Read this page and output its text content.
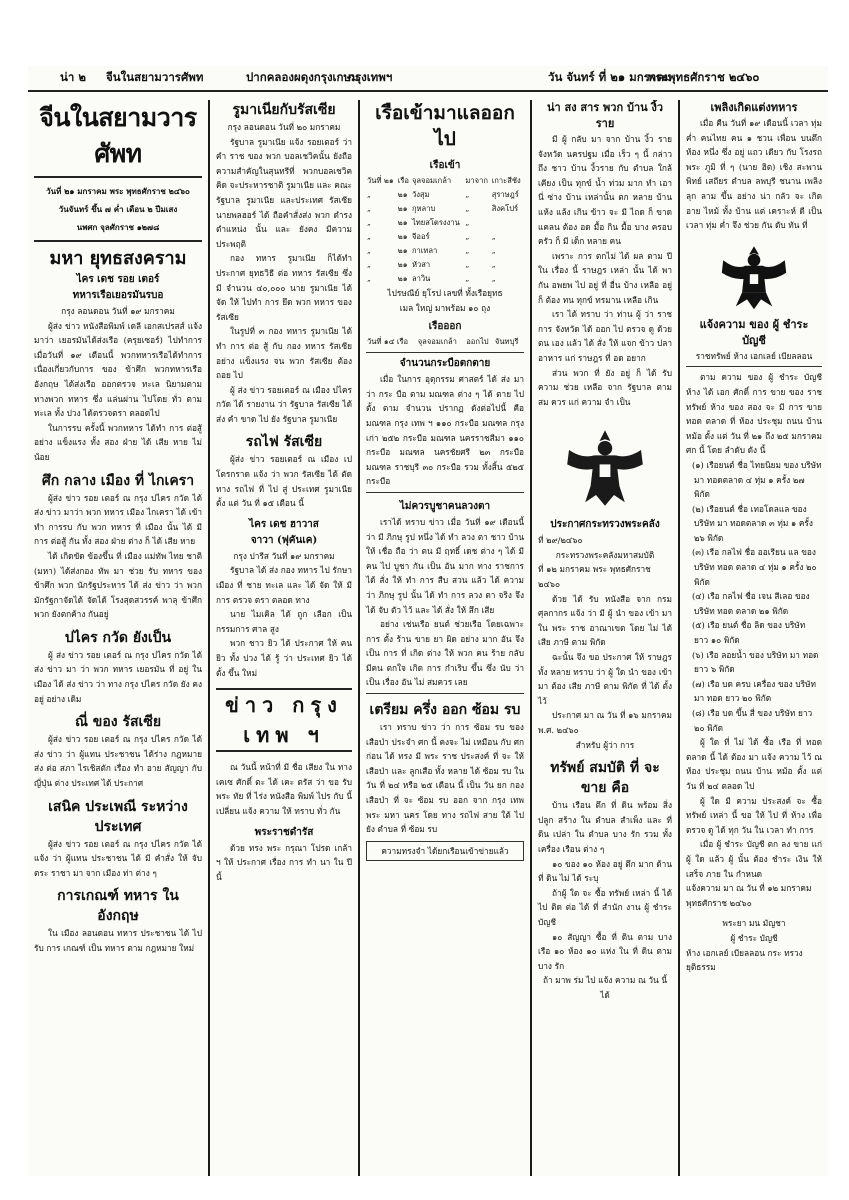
น่า ๒ จีนในสยามวารศัพท	ปากคลองผดุงกรุงเกษม
กรุงเทพฯ	วัน จันทร์ ที่ ๒๑ มกราคม
พระพุทธศักราช ๒๔๖๐
จีนในสยามวารศัพท
วันที่ ๒๑ มกราคม พระ พุทธศักราช ๒๔๖๐
วันจันทร์ ขึ้น ๗ ค่ำ เดือน ๒ ปีมเสง
นพศก จุลศักราช ๑๒๗๘
มหา ยุทธสงคราม
ไคร เดช รอย เตอร์
ทหารเรือเยอรมันรบอ
กรุง ลอนดอน วันที่ ๑๙ มกราคม

ผู้ส่ง ข่าว หนังสือพิมพ์ เดลี เอกสเปรสส์ แจ้ง มาว่า เยอรมันได้ส่งเรือ (ครุยเซอร์) ไปทำการ เมื่อวันที่ ๑๙ เดือนนี้ พวกทหารเรือได้ทำการ เนื่องเกี่ยวกับการ ของ ข้าศึก พวกทหารเรือ อังกฤษ ได้ส่งเรือ ออกตรวจ ทะเล นิยามตามทางพวก ทหาร ซึ่ง แล่นผ่าน ไปโดย ทั่ว ตาม ทะเล ทั้ง ปวง ได้ตรวจตรา ตลอดไป

ในการรบ ครั้งนี้ พวกทหาร ได้ทำ การ ต่อสู้ อย่าง แข็งแรง ทั้ง สอง ฝ่าย ได้ เสีย หาย ไม่ น้อย

ศึก กลาง เมือง ที่ ไกเครา

ผู้ส่ง ข่าว รอย เตอร์ ณ กรุง ปไคร กวัด ได้ส่ง ข่าว มาว่า พวก ทหาร เมือง ไกเครา ได้ เข้า ทำ การรบ กับ พวก ทหาร ที่ เมือง นั้น ได้ มี การ ต่อสู้ กัน ทั้ง สอง ฝ่าย ต่าง ก็ ได้ เสีย หาย

ได้ เกิดขัด ข้องขึ้น ที่ เมือง แม่ทัพ ไทย ชาติ (มหา) ได้ส่งกอง ทัพ มา ช่วย รับ ทหาร ของ ข้าศึก พวก นักรัฐประหาร ได้ ส่ง ข่าว ว่า พวก มักรัฐกาจัดได้ จัดได้ โรงสุดสวรรค์ พาลุ ข้าศึก พวก ยังตกค้าง กันอยู่

ปไคร กวัด ยังเป็น

ผู้ ส่ง ข่าว รอย เตอร์ ณ กรุง ปไคร กวัด ได้ ส่ง ข่าว มา ว่า พวก ทหาร เยอรมัน ที่ อยู่ ใน เมือง ได้ ส่ง ข่าว ว่า ทาง กรุง ปไคร กวัด ยัง คง อยู่ อย่าง เดิม

ณี่ ของ รัสเซีย

ผู้ส่ง ข่าว รอย เตอร์ ณ กรุง ปไคร กวัด ได้ส่ง ข่าว ว่า ผู้แทน ประชาชน ได้ร่าง กฎหมาย ส่ง ต่อ สภา ไรเชิสตัก เรื่อง ทำ อาย สัญญา กับ ญี่ปุ่น ต่าง ประเทศ ได้ ประกาศ

เสนิค ประเพณี ระหว่าง ประเทศ

ผู้ส่ง ข่าว รอย เตอร์ ณ กรุง ปไคร กวัด ได้ แจ้ง ว่า ผู้แทน ประชาชน ได้ มี คำสั่ง ให้ จับ ตระ ราชา มา จาก เมือง ท่า ต่าง ๆ

การเกณฑ์ ทหาร ใน อังกฤษ

ใน เมือง ลอนดอน ทหาร ประชาชน ได้ ไป รับ การ เกณฑ์ เป็น ทหาร ตาม กฎหมาย ใหม่

รูมาเนียกับรัสเซีย
กรุง ลอนดอน วันที่ ๒๐ มกราคม

รัฐบาล รูมาเนีย แจ้ง รอยเตอร์ ว่า คำ ราช ของ พวก บอลเชวิคนั้น ยังถือ ความสำคัญในสุนทรีที่ พวกบอลเชวิคคิด จะประหารชาติ รูมาเนีย และ คณะรัฐบาล รูมาเนีย และประเทศ รัสเซีย นายพลฮอร์ ได้ ถือคำสั่งส่ง พวก ดำรง ตำแหน่ง นั้น และ ยังคง มีความ ประพฤติ

กอง ทหาร รูมาเนีย ก็ได้ทำ ประกาศ ยุทธวิธี ต่อ ทหาร รัสเซีย ซึ่ง มี จำนวน ๔๐,๐๐๐ นาย รูมาเนีย ได้ จัด ให้ ไปทำ การ ยึด พวก ทหาร ของ รัสเซีย

ในรูปที่ ๓ กอง ทหาร รูมาเนีย ได้ ทำ การ ต่อ สู้ กับ กอง ทหาร รัสเซีย อย่าง แข็งแรง จน พวก รัสเซีย ต้อง ถอย ไป

ผู้ ส่ง ข่าว รอยเตอร์ ณ เมือง ปไคร กวัด ได้ รายงาน ว่า รัฐบาล รัสเซีย ได้ ส่ง คำ ขาด ไป ยัง รัฐบาล รูมาเนีย

รถไฟ รัสเซีย

ผู้ส่ง ข่าว รอยเตอร์ ณ เมือง เปโตรกราด แจ้ง ว่า พวก รัสเซีย ได้ ตัด ทาง รถไฟ ที่ ไป สู่ ประเทศ รูมาเนีย ตั้ง แต่ วัน ที่ ๑๕ เดือน นี้

ไคร เดช ฮาวาส
จาวา (ฟุคันเค)
กรุง ปารีส วันที่ ๑๙ มกราคม

รัฐบาล ได้ ส่ง กอง ทหาร ไป รักษา เมือง ที่ ชาย ทะเล และ ได้ จัด ให้ มี การ ตรวจ ตรา ตลอด ทาง

นาย ไมเคิล ได้ ถูก เลือก เป็น กรรมการ ศาล สูง

พวก ชาว ยิว ได้ ประกาศ ให้ คน ยิว ทั้ง ปวง ได้ รู้ ว่า ประเทศ ยิว ได้ ตั้ง ขึ้น ใหม่

ข่าว กรุง เทพ ฯ

ณ วันนี้ หน้าที่ มี ชื่อ เสียง ใน ทาง เคเซ ศักดิ์ ตะ ได้ เคะ ตรัส ว่า ขอ รับ พระ ทัย ที่ ไร่ง หนังสือ พิมพ์ ไปร กับ นี้ เปลี่ยน แจ้ง ความ ให้ ทราบ ทั่ว กัน

พระราชดำรัส

ด้วย ทรง พระ กรุณา โปรด เกล้า ฯ ให้ ประกาศ เรื่อง การ ทำ นา ใน ปี นี้

เรือเข้ามาแลออกไป
เรือเข้า
วันที่ ๒๑	เรือ	จุลจอมเกล้า	มาจาก	เกาะสีชัง
„	๒๑	วังสุม	„	สุราษฎร์
„	๒๑	กุหลาบ	„	สิงคโปร์
„	๒๑	ไทยสโตรงงาน	„	
„	๒๑	จีออร์	„	„
„	๒๑	กาเทลา	„	„
„	๒๑	หัวสา	„	„
„	๒๑	ลาวิน	„	„
ไปรษณีย์ ยุโรป เลขที่ ทั้งเรือยุทธ
เมล ใหญ่ มาพร้อม ๑๐ ถุง
เรือออก
วันที่ ๑๔ เรือ	จุลจอมเกล้า	ออกไป	จันทบุรี
จำนวนกระบือตกตาย

เมื่อ ในการ อุตุกรรม ศาสตร์ ได้ ส่ง มา ว่า กระ บือ ตาม มณฑล ต่าง ๆ ได้ ตาย ไป ตั้ง ตาม จำนวน ปรากฏ ดังต่อไปนี้ คือ มณฑล กรุง เทพ ฯ ๑๑๐ กระบือ มณฑล กรุงเก่า ๒๕๒ กระบือ มณฑล นครราชสีมา ๑๑๐ กระบือ มณฑล นครชัยศรี ๒๓ กระบือ มณฑล ราชบุรี ๓๐ กระบือ รวม ทั้งสิ้น ๕๒๕ กระบือ

ไม่ควรบูชาคนลวงตา

เราได้ ทราบ ข่าว เมื่อ วันที่ ๑๙ เดือนนี้ ว่า มี ภิกษุ รูป หนึ่ง ได้ ทำ ลวง ตา ชาว บ้าน ให้ เชื่อ ถือ ว่า ตน มี ฤทธิ์ เดช ต่าง ๆ ได้ มี คน ไป บูชา กัน เป็น อัน มาก ทาง ราชการ ได้ สั่ง ให้ ทำ การ สืบ สวน แล้ว ได้ ความ ว่า ภิกษุ รูป นั้น ได้ ทำ การ ลวง ตา จริง จึง ได้ จับ ตัว ไว้ และ ได้ สั่ง ให้ สึก เสีย

อย่าง เช่นเรือ ยนต์ ช่วยเรือ โดยเฉพาะ การ ตั้ง ร้าน ขาย ยา ผิด อย่าง มาก อัน จึง เป็น การ ที่ เกิด ต่าง ให้ พวก คน ร้าย กลับ มีคน ตกใจ เกิด การ กำเริบ ขึ้น ซึ่ง นับ ว่า เป็น เรื่อง อัน ไม่ สมควร เลย

เตรียม ครึ่ง ออก ซ้อม รบ

เรา ทราบ ข่าว ว่า การ ซ้อม รบ ของ เสือป่า ประจำ ศก นี้ คงจะ ไม่ เหมือน กับ ศก ก่อน ได้ ทรง มี พระ ราช ประสงค์ ที่ จะ ให้ เสือป่า และ ลูกเสือ ทั้ง หลาย ได้ ซ้อม รบ ใน วัน ที่ ๒๔ หรือ ๒๕ เดือน นี้ เป็น วัน ยก กอง เสือป่า ที่ จะ ซ้อม รบ ออก จาก กรุง เทพ พระ มหา นคร โดย ทาง รถไฟ สาย ใต้ ไป ยัง ตำบล ที่ ซ้อม รบ

ความทรงจำ ได้ยกเรือนเข้าข่ายแล้ว
น่า สง สาร พวก บ้าน งิ้ว ราย

มี ผู้ กลับ มา จาก บ้าน งิ้ว ราย จังหวัด นครปฐม เมื่อ เร็ว ๆ นี้ กล่าว ถึง ชาว บ้าน งิ้วราย กับ ตำบล ใกล้ เคียง เป็น ทุกข์ น้ำ ท่วม มาก ทำ เอา นี่ ซ่าง บ้าน เหล่านั้น ตก หลาย บ้าน แห้ง แล้ง เกิน ข้าว จะ มี ไถด ก็ ขาด แคลน ต้อง อด มื้อ กิน มื้อ บาง ครอบ ครัว ก็ มี เด็ก หลาย คน

เพราะ การ ตกไม่ ได้ ผล ตาม ปี ใน เรื่อง นี้ ราษฎร เหล่า นั้น ได้ พา กัน อพยพ ไป อยู่ ที่ อื่น บ้าง เหลือ อยู่ ก็ ต้อง ทน ทุกข์ ทรมาน เหลือ เกิน

เรา ได้ ทราบ ว่า ท่าน ผู้ ว่า ราช การ จังหวัด ได้ ออก ไป ตรวจ ดู ด้วย ตน เอง แล้ว ได้ สั่ง ให้ แจก ข้าว ปลา อาหาร แก่ ราษฎร ที่ อด อยาก

ส่วน พวก ที่ ยัง อยู่ ก็ ได้ รับ ความ ช่วย เหลือ จาก รัฐบาล ตาม สม ควร แก่ ความ จำ เป็น

ประกาศกระทรวงพระคลัง
ที่ ๒๙/๒๔๖๐
กระทรวงพระคลังมหาสมบัติ
ที่ ๑๒ มกราคม พระ พุทธศักราช ๒๔๖๐

ด้วย ได้ รับ หนังสือ จาก กรม ศุลกากร แจ้ง ว่า มี ผู้ นำ ของ เข้า มา ใน พระ ราช อาณาเขต โดย ไม่ ได้ เสีย ภาษี ตาม พิกัด

ฉะนั้น จึง ขอ ประกาศ ให้ ราษฎร ทั้ง หลาย ทราบ ว่า ผู้ ใด นำ ของ เข้า มา ต้อง เสีย ภาษี ตาม พิกัด ที่ ได้ ตั้ง ไว้

ประกาศ มา ณ วัน ที่ ๑๖ มกราคม พ.ศ. ๒๔๖๐

สำหรับ ผู้ว่า การ
ทรัพย์ สมบัติ ที่ จะ ขาย คือ

บ้าน เรือน ตึก ที่ ดิน พร้อม สิ่ง ปลูก สร้าง ใน ตำบล สำเพ็ง และ ที่ ดิน เปล่า ใน ตำบล บาง รัก รวม ทั้ง เครื่อง เรือน ต่าง ๆ

๑๐ ของ ๑๐ ห้อง อยู่ ตึก มาก ด้าน ที่ ดิน ไม่ ได้ ระบุ

ถ้าผู้ ใด จะ ซื้อ ทรัพย์ เหล่า นี้ ได้ ไป ติด ต่อ ได้ ที่ สำนัก งาน ผู้ ชำระ บัญชี

๑๐ สัญญา ซื้อ ที่ ดิน ตาม บาง เรือ ๑๐ ห้อง ๑๐ แห่ง ใน ที่ ดิน ตาม บาง รัก

ถ้า มาพ ร่ม ไป แจ้ง ความ ณ วัน นี้ ได้
เพลิงเกิดแต่งทหาร

เมื่อ คืน วันที่ ๑๙ เดือนนี้ เวลา ทุ่ม ค่ำ คนไทย คน ๑ ชวน เพื่อน บนตึก ห้อง หนึ่ง ซึ่ง อยู่ แถว เดียว กับ โรงรถ พระ ภูมิ ที่ ๆ (นาย ฮิต) เชิง สะพาน พิทย์ เสถียร ตำบล ลพบุรี ชนาน เพลิง ลุก ลาม ขึ้น อย่าง น่า กลัว จะ เกิด อาย ไหม้ ทั้ง บ้าน แต่ เคราะห์ ดี เป็น เวลา ทุ่ม ค่ำ จึง ช่วย กัน ดับ ทัน ที่

แจ้งความ ของ ผู้ ชำระ บัญชี
ราชทรัพย์ ห้าง เอกเลย์ เบียลลอน

ตาม ความ ของ ผู้ ชำระ บัญชี ห้าง ได้ เอก ศักดิ์ การ ขาย ของ ราชทรัพย์ ห้าง ของ สอง จะ มี การ ขาย ทอด ตลาด ที่ ห้อง ประชุม ถนน บ้าน หม้อ ตั้ง แต่ วัน ที่ ๒๑ ถึง ๒๕ มกราคม ศก นี้ โดย ลำดับ ดัง นี้

(๑) เรือยนต์ ชื่อ ไทยนิยม ของ บริษัท มา ทอดตลาด ๔ ทุ่ม ๑ ครั้ง ๒๗ พิกัด
(๒) เรือยนต์ ชื่อ เทอโดลแล ของ บริษัท มา ทอดตลาด ๓ ทุ่ม ๑ ครั้ง ๒๖ พิกัด
(๓) เรือ กลไฟ ชื่อ ออเรียน แล ของ บริษัท ทอด ตลาด ๔ ทุ่ม ๑ ครั้ง ๒๐ พิกัด
(๔) เรือ กลไฟ ชื่อ เจน สีเลอ ของ บริษัท ทอด ตลาด ๒๑ พิกัด
(๕) เรือ ยนต์ ชื่อ ลิด ของ บริษัท ยาว ๑๐ พิกัด
(๖) เรือ ลอยน้ำ ของ บริษัท มา ทอด ยาว ๖ พิกัด
(๗) เรือ บด ครบ เครื่อง ของ บริษัท มา ทอด ยาว ๒๐ พิกัด
(๘) เรือ บด ขึ้น สี่ ของ บริษัท ยาว ๒๐ พิกัด

ผู้ ใด ที่ ไม่ ได้ ซื้อ เรือ ที่ ทอด ตลาด นี้ ได้ ต้อง มา แจ้ง ความ ไว้ ณ ห้อง ประชุม ถนน บ้าน หม้อ ตั้ง แต่ วัน ที่ ๒๔ ตลอด ไป

ผู้ ใด มี ความ ประสงค์ จะ ซื้อ ทรัพย์ เหล่า นี้ ขอ ให้ ไป ที่ ห้าง เพื่อ ตรวจ ดู ได้ ทุก วัน ใน เวลา ทำ การ

เมื่อ ผู้ ชำระ บัญชี ตก ลง ขาย แก่ ผู้ ใด แล้ว ผู้ นั้น ต้อง ชำระ เงิน ให้ เสร็จ ภาย ใน กำหนด

แจ้งความ มา ณ วัน ที่ ๑๒ มกราคม
พุทธศักราช ๒๔๖๐
พระยา มน มัญชา
ผู้ ชำระ บัญชี
ห้าง เอกเลย์ เบียลลอน กระ ทรวง ยุติธรรม
